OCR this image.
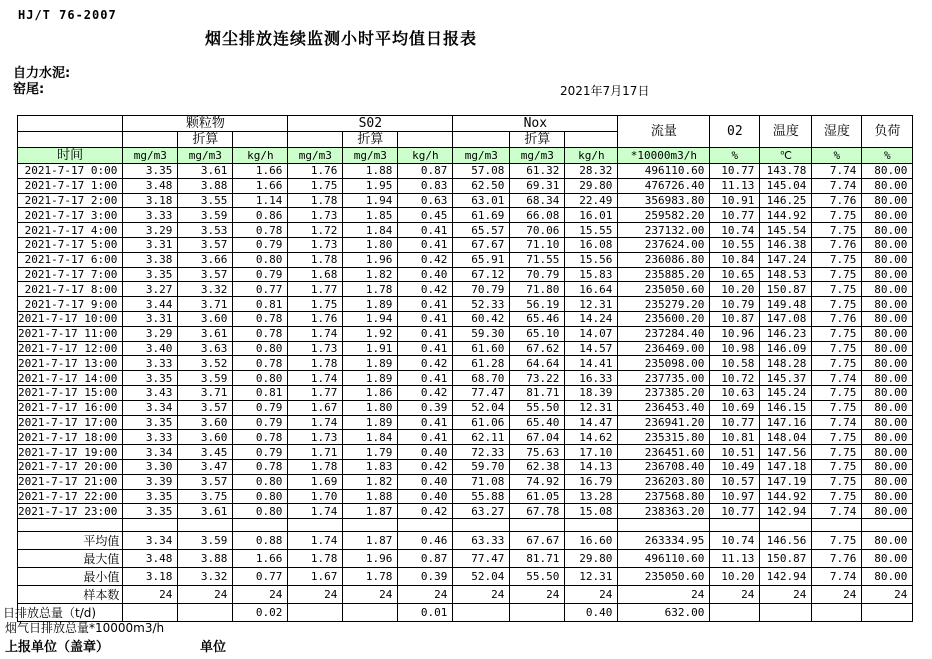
HJ/T 76-2007
烟尘排放连续监测小时平均值日报表
自力水泥:
窑尾:	2021年7月17日
	颗粒物			S02			Nox			流量	02	温度	湿度	负荷
		折算			折算			折算						
时间	mg/m3	mg/m3	kg/h	mg/m3	mg/m3	kg/h	mg/m3	mg/m3	kg/h	*10000m3/h	%	℃	%	%
2021-7-17 0:00	3.35	3.61	1.66	1.76	1.88	0.87	57.08	61.32	28.32	496110.60	10.77	143.78	7.74	80.00
2021-7-17 1:00	3.48	3.88	1.66	1.75	1.95	0.83	62.50	69.31	29.80	476726.40	11.13	145.04	7.74	80.00
2021-7-17 2:00	3.18	3.55	1.14	1.78	1.94	0.63	63.01	68.34	22.49	356983.80	10.91	146.25	7.76	80.00
2021-7-17 3:00	3.33	3.59	0.86	1.73	1.85	0.45	61.69	66.08	16.01	259582.20	10.77	144.92	7.75	80.00
2021-7-17 4:00	3.29	3.53	0.78	1.72	1.84	0.41	65.57	70.06	15.55	237132.00	10.74	145.54	7.75	80.00
2021-7-17 5:00	3.31	3.57	0.79	1.73	1.80	0.41	67.67	71.10	16.08	237624.00	10.55	146.38	7.76	80.00
2021-7-17 6:00	3.38	3.66	0.80	1.78	1.96	0.42	65.91	71.55	15.56	236086.80	10.84	147.24	7.75	80.00
2021-7-17 7:00	3.35	3.57	0.79	1.68	1.82	0.40	67.12	70.79	15.83	235885.20	10.65	148.53	7.75	80.00
2021-7-17 8:00	3.27	3.32	0.77	1.77	1.78	0.42	70.79	71.80	16.64	235050.60	10.20	150.87	7.75	80.00
2021-7-17 9:00	3.44	3.71	0.81	1.75	1.89	0.41	52.33	56.19	12.31	235279.20	10.79	149.48	7.75	80.00
2021-7-17 10:00	3.31	3.60	0.78	1.76	1.94	0.41	60.42	65.46	14.24	235600.20	10.87	147.08	7.76	80.00
2021-7-17 11:00	3.29	3.61	0.78	1.74	1.92	0.41	59.30	65.10	14.07	237284.40	10.96	146.23	7.75	80.00
2021-7-17 12:00	3.40	3.63	0.80	1.73	1.91	0.41	61.60	67.62	14.57	236469.00	10.98	146.09	7.75	80.00
2021-7-17 13:00	3.33	3.52	0.78	1.78	1.89	0.42	61.28	64.64	14.41	235098.00	10.58	148.28	7.75	80.00
2021-7-17 14:00	3.35	3.59	0.80	1.74	1.89	0.41	68.70	73.22	16.33	237735.00	10.72	145.37	7.74	80.00
2021-7-17 15:00	3.43	3.71	0.81	1.77	1.86	0.42	77.47	81.71	18.39	237385.20	10.63	145.24	7.75	80.00
2021-7-17 16:00	3.34	3.57	0.79	1.67	1.80	0.39	52.04	55.50	12.31	236453.40	10.69	146.15	7.75	80.00
2021-7-17 17:00	3.35	3.60	0.79	1.74	1.89	0.41	61.06	65.40	14.47	236941.20	10.77	147.16	7.74	80.00
2021-7-17 18:00	3.33	3.60	0.78	1.73	1.84	0.41	62.11	67.04	14.62	235315.80	10.81	148.04	7.75	80.00
2021-7-17 19:00	3.34	3.45	0.79	1.71	1.79	0.40	72.33	75.63	17.10	236451.60	10.51	147.56	7.75	80.00
2021-7-17 20:00	3.30	3.47	0.78	1.78	1.83	0.42	59.70	62.38	14.13	236708.40	10.49	147.18	7.75	80.00
2021-7-17 21:00	3.39	3.57	0.80	1.69	1.82	0.40	71.08	74.92	16.79	236203.80	10.57	147.19	7.75	80.00
2021-7-17 22:00	3.35	3.75	0.80	1.70	1.88	0.40	55.88	61.05	13.28	237568.80	10.97	144.92	7.75	80.00
2021-7-17 23:00	3.35	3.61	0.80	1.74	1.87	0.42	63.27	67.78	15.08	238363.20	10.77	142.94	7.74	80.00

平均值	3.34	3.59	0.88	1.74	1.87	0.46	63.33	67.67	16.60	263334.95	10.74	146.56	7.75	80.00
最大值	3.48	3.88	1.66	1.78	1.96	0.87	77.47	81.71	29.80	496110.60	11.13	150.87	7.76	80.00
最小值	3.18	3.32	0.77	1.67	1.78	0.39	52.04	55.50	12.31	235050.60	10.20	142.94	7.74	80.00
样本数	24	24	24	24	24	24	24	24	24	24	24	24	24	24

日排放总量（t/d)			0.02			0.01			0.40	632.00				
烟气日排放总量*10000m3/h
上报单位（盖章）	单位
